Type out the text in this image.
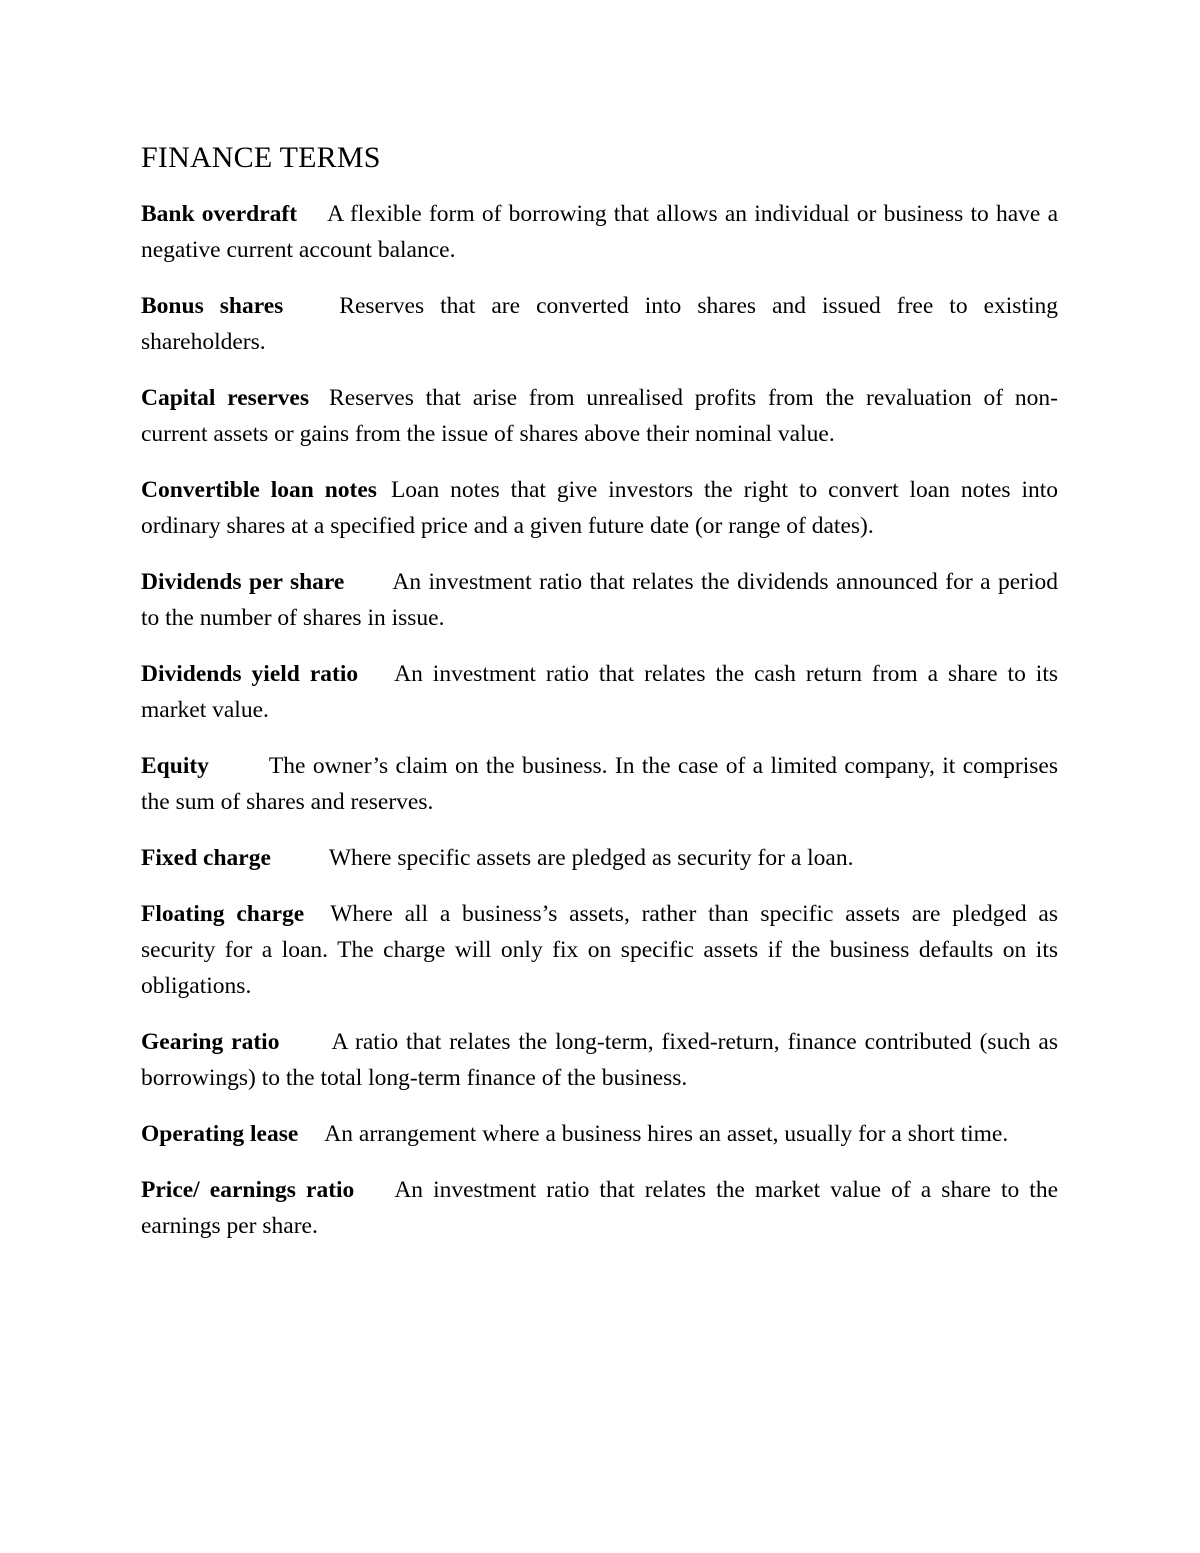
FINANCE TERMS

Bank overdraft A flexible form of borrowing that allows an individual or business to have a negative current account balance.

Bonus shares Reserves that are converted into shares and issued free to existing shareholders.

Capital reserves Reserves that arise from unrealised profits from the revaluation of non-current assets or gains from the issue of shares above their nominal value.

Convertible loan notes Loan notes that give investors the right to convert loan notes into ordinary shares at a specified price and a given future date (or range of dates).

Dividends per share An investment ratio that relates the dividends announced for a period to the number of shares in issue.

Dividends yield ratio An investment ratio that relates the cash return from a share to its market value.

Equity	The owner’s claim on the business. In the case of a limited company, it comprises the sum of shares and reserves.

Fixed charge Where specific assets are pledged as security for a loan.

Floating charge Where all a business’s assets, rather than specific assets are pledged as security for a loan. The charge will only fix on specific assets if the business defaults on its obligations.

Gearing ratio A ratio that relates the long-term, fixed-return, finance contributed (such as borrowings) to the total long-term finance of the business.

Operating lease An arrangement where a business hires an asset, usually for a short time.

Price/ earnings ratio An investment ratio that relates the market value of a share to the earnings per share.
